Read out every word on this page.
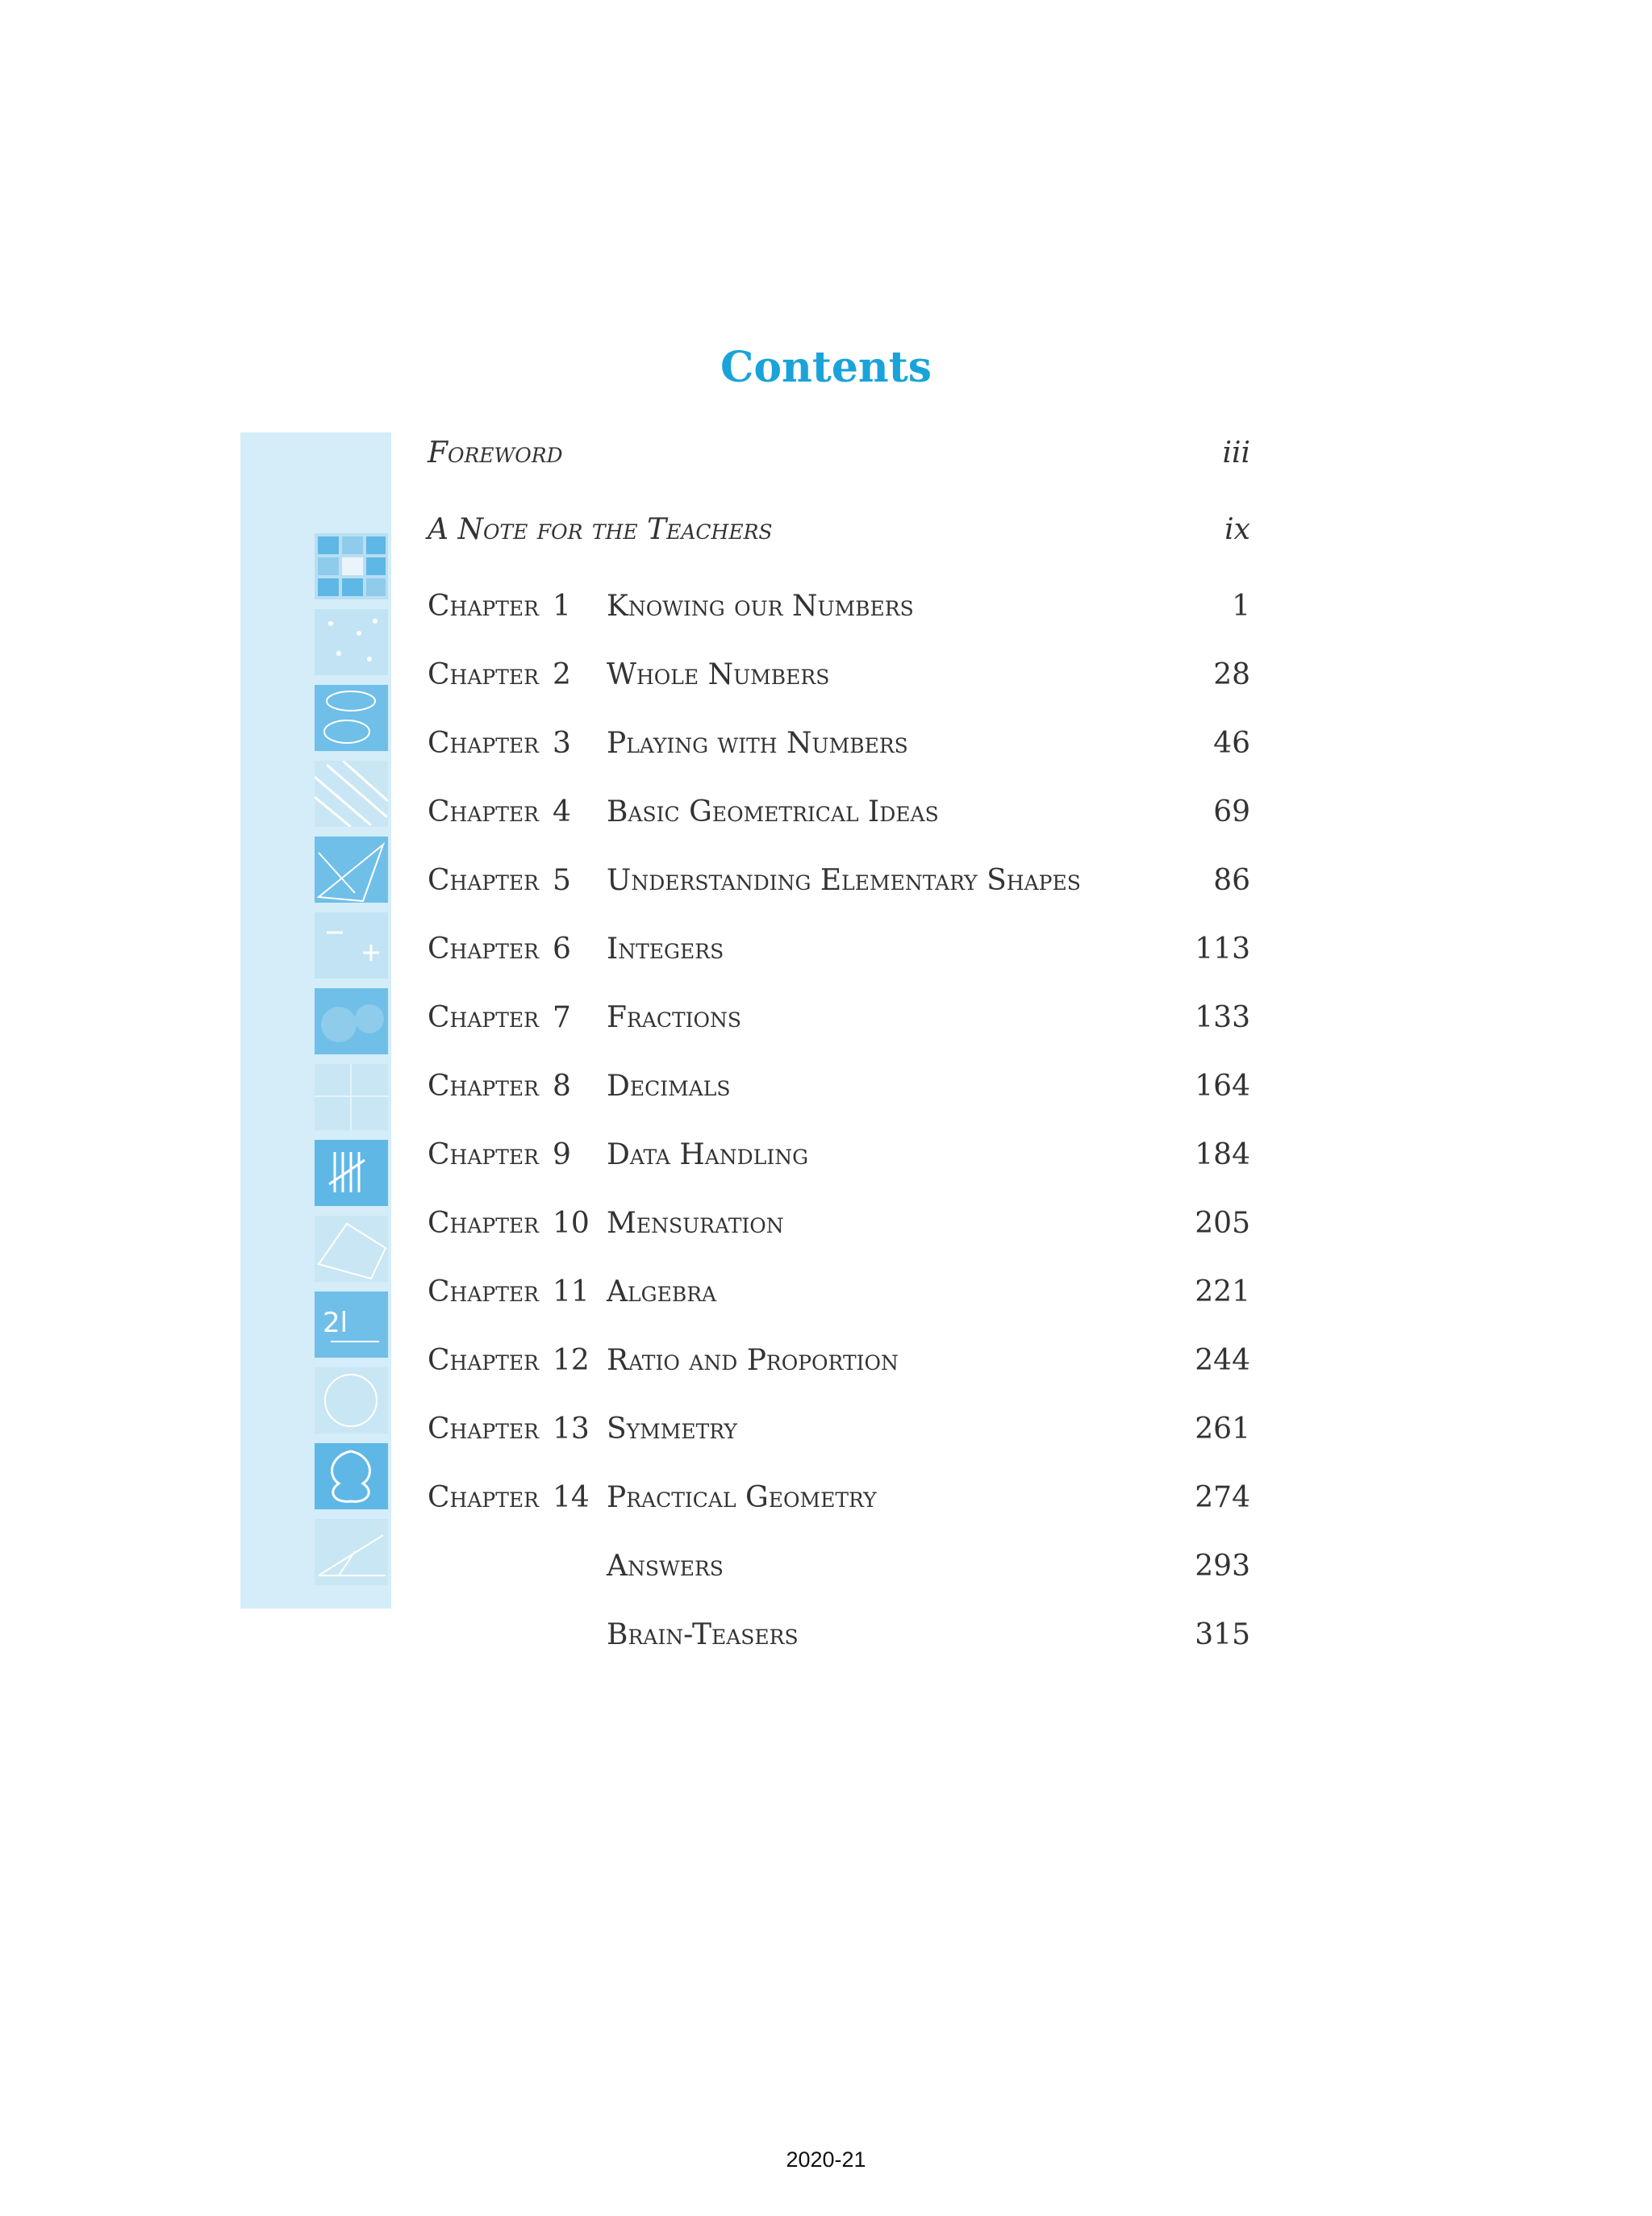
Contents
2l
Foreword	iii
A Note for the Teachers	ix
Chapter 1 Knowing our Numbers	1
Chapter 2 Whole Numbers	28
Chapter 3 Playing with Numbers	46
Chapter 4 Basic Geometrical Ideas	69
Chapter 5 Understanding Elementary Shapes	86
Chapter 6 Integers	113
Chapter 7 Fractions	133
Chapter 8 Decimals	164
Chapter 9 Data Handling	184
Chapter 10 Mensuration	205
Chapter 11 Algebra	221
Chapter 12 Ratio and Proportion	244
Chapter 13 Symmetry	261
Chapter 14 Practical Geometry	274
Answers	293
Brain-Teasers	315
2020-21
